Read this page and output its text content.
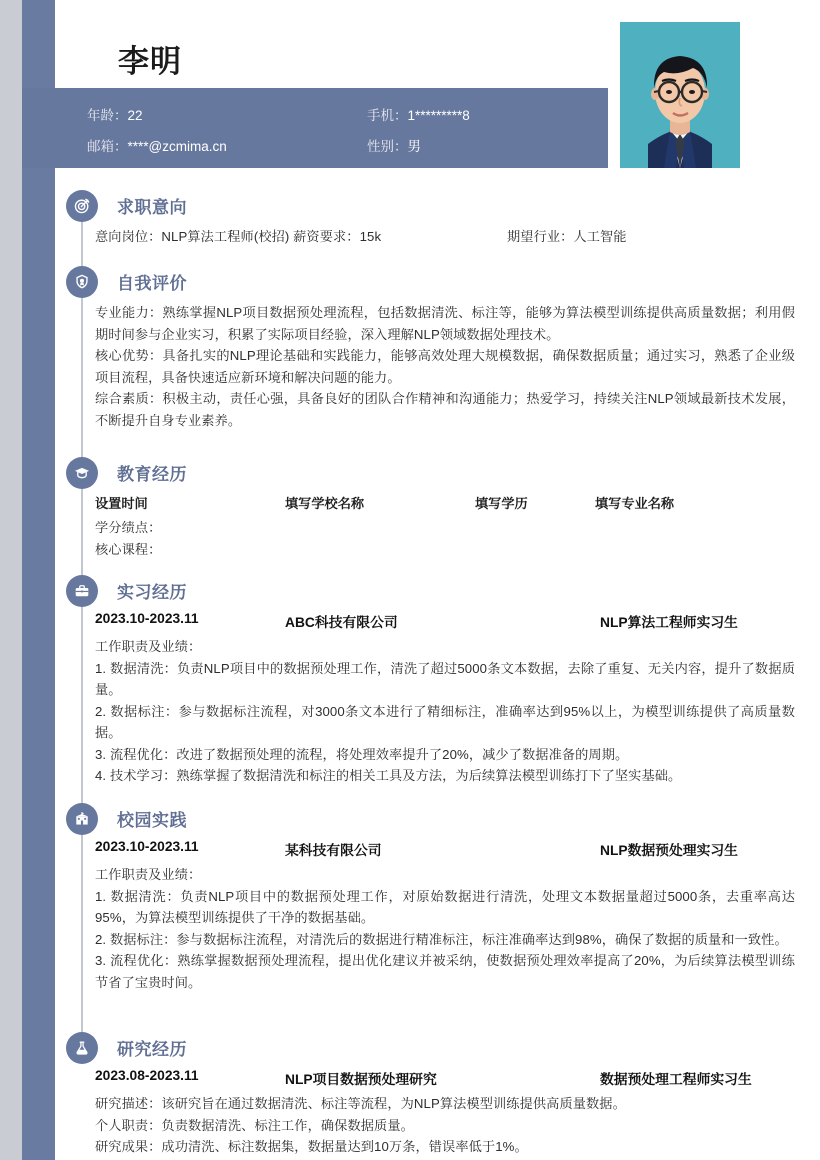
李明
年龄：22
邮箱：****@zcmima.cn
手机：1*********8
性别：男
求职意向
意向岗位：NLP算法工程师(校招) 薪资要求：15k	期望行业：人工智能
自我评价

专业能力：熟练掌握NLP项目数据预处理流程，包括数据清洗、标注等，能够为算法模型训练提供高质量数据；利用假期时间参与企业实习，积累了实际项目经验，深入理解NLP领域数据处理技术。

核心优势：具备扎实的NLP理论基础和实践能力，能够高效处理大规模数据，确保数据质量；通过实习，熟悉了企业级项目流程，具备快速适应新环境和解决问题的能力。

综合素质：积极主动，责任心强，具备良好的团队合作精神和沟通能力；热爱学习，持续关注NLP领域最新技术发展，不断提升自身专业素养。

教育经历
设置时间	填写学校名称	填写学历	填写专业名称
学分绩点：
核心课程：
实习经历
2023.10-2023.11	ABC科技有限公司	NLP算法工程师实习生
工作职责及业绩：

1. 数据清洗：负责NLP项目中的数据预处理工作，清洗了超过5000条文本数据，去除了重复、无关内容，提升了数据质量。

2. 数据标注：参与数据标注流程，对3000条文本进行了精细标注，准确率达到95%以上，为模型训练提供了高质量数据。

3. 流程优化：改进了数据预处理的流程，将处理效率提升了20%，减少了数据准备的周期。

4. 技术学习：熟练掌握了数据清洗和标注的相关工具及方法，为后续算法模型训练打下了坚实基础。

校园实践
2023.10-2023.11	某科技有限公司	NLP数据预处理实习生
工作职责及业绩：

1. 数据清洗：负责NLP项目中的数据预处理工作，对原始数据进行清洗，处理文本数据量超过5000条，去重率高达95%，为算法模型训练提供了干净的数据基础。

2. 数据标注：参与数据标注流程，对清洗后的数据进行精准标注，标注准确率达到98%，确保了数据的质量和一致性。

3. 流程优化：熟练掌握数据预处理流程，提出优化建议并被采纳，使数据预处理效率提高了20%，为后续算法模型训练节省了宝贵时间。

研究经历
2023.08-2023.11	NLP项目数据预处理研究	数据预处理工程师实习生

研究描述：该研究旨在通过数据清洗、标注等流程，为NLP算法模型训练提供高质量数据。

个人职责：负责数据清洗、标注工作，确保数据质量。

研究成果：成功清洗、标注数据集，数据量达到10万条，错误率低于1%。
